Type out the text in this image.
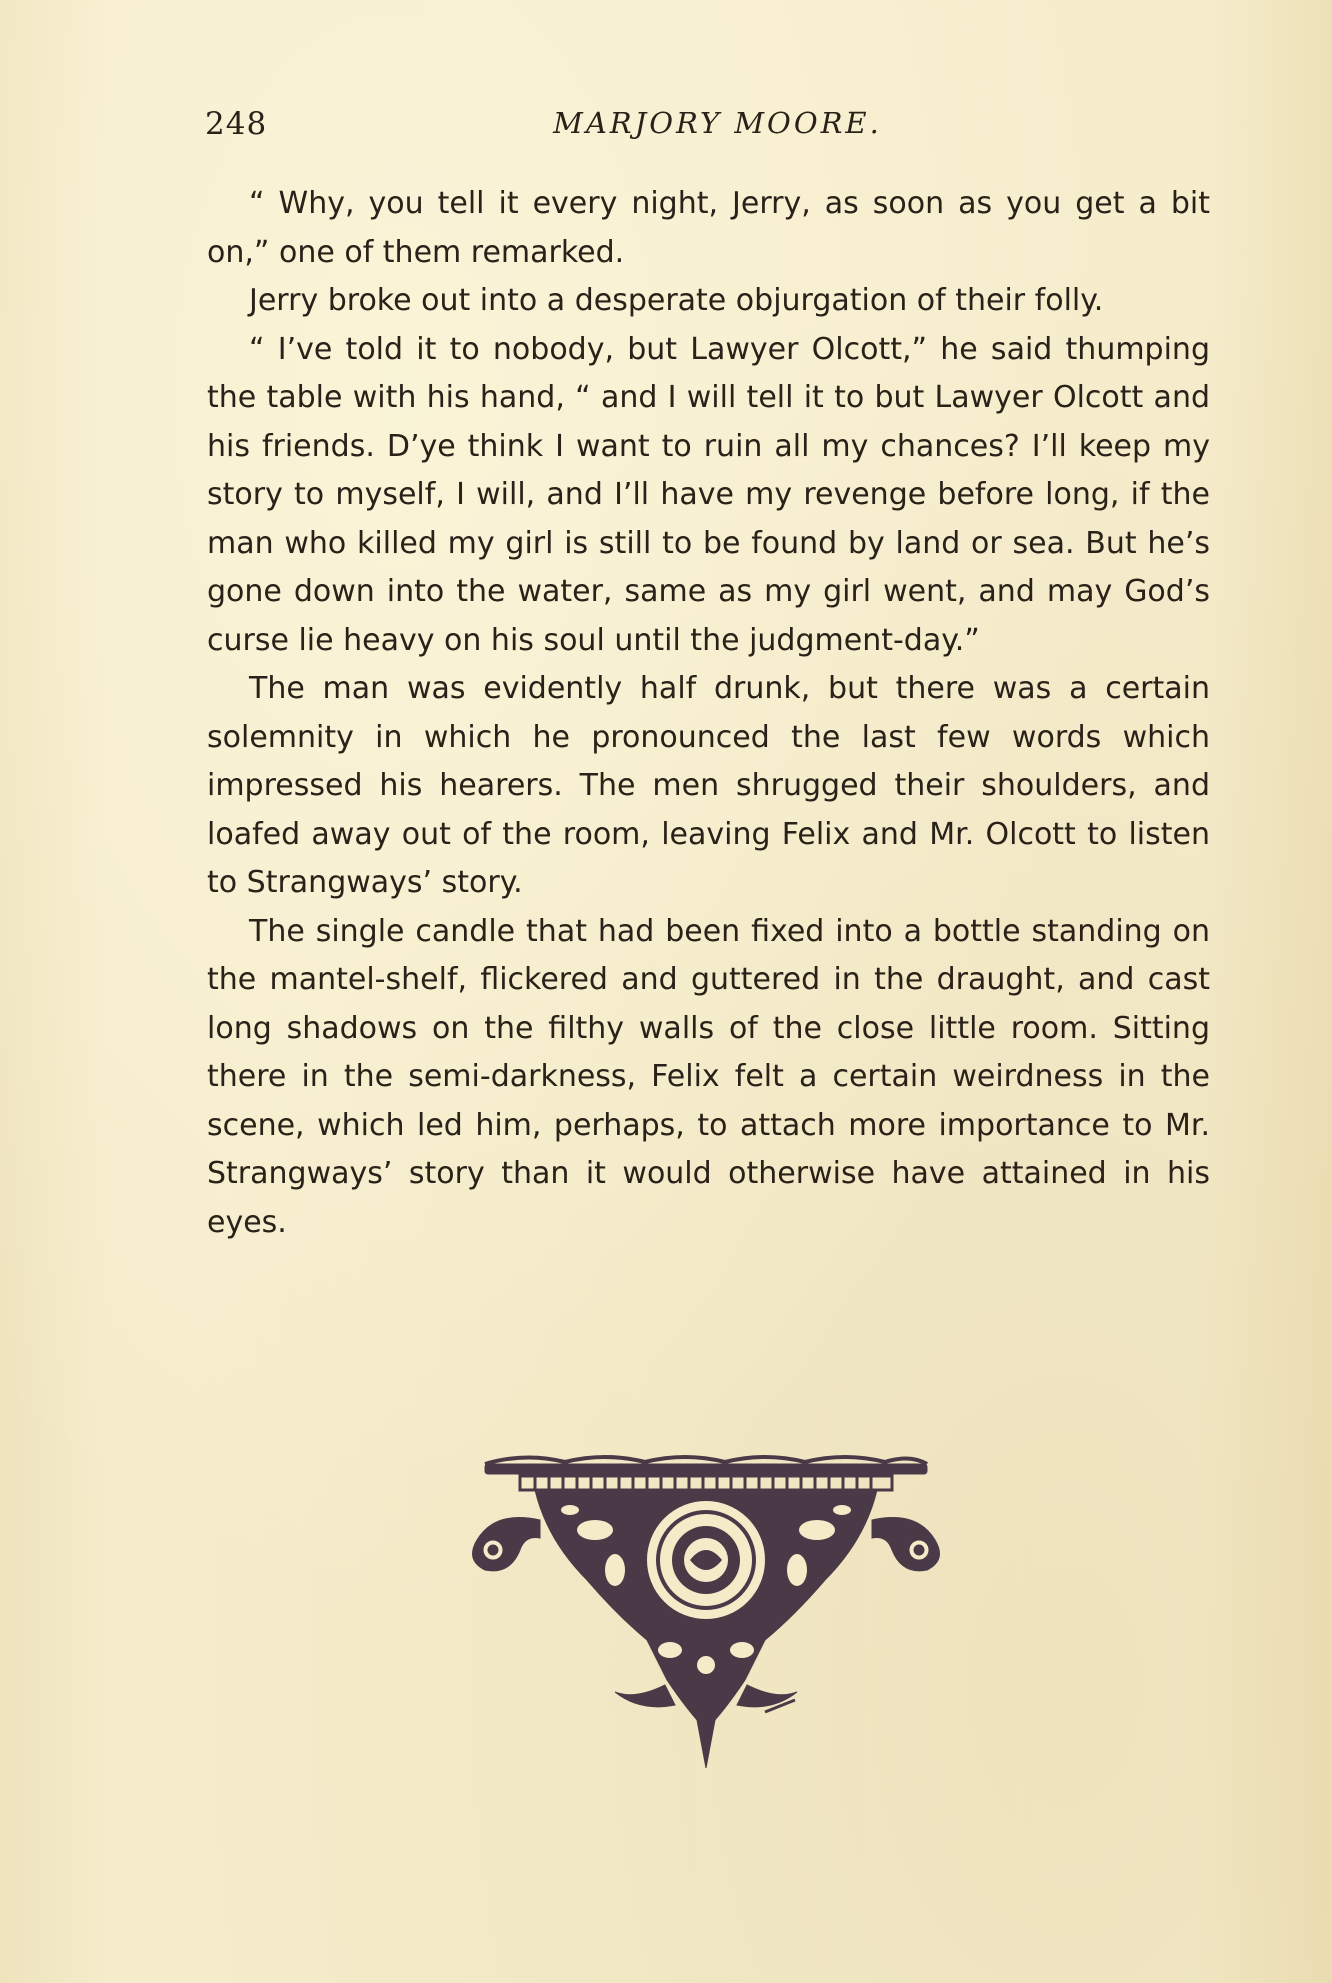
248	MARJORY MOORE.

“ Why, you tell it every night, Jerry, as soon as you get a bit on,” one of them remarked.

Jerry broke out into a desperate objurgation of their folly.

“ I’ve told it to nobody, but Lawyer Olcott,” he said thumping the table with his hand, “ and I will tell it to but Lawyer Olcott and his friends. D’ye think I want to ruin all my chances? I’ll keep my story to myself, I will, and I’ll have my revenge before long, if the man who killed my girl is still to be found by land or sea. But he’s gone down into the water, same as my girl went, and may God’s curse lie heavy on his soul until the judgment-day.”

The man was evidently half drunk, but there was a certain solemnity in which he pronounced the last few words which impressed his hearers. The men shrugged their shoulders, and loafed away out of the room, leaving Felix and Mr. Olcott to listen to Strangways’ story.

The single candle that had been fixed into a bottle standing on the mantel-shelf, flickered and guttered in the draught, and cast long shadows on the filthy walls of the close little room. Sitting there in the semi-darkness, Felix felt a certain weirdness in the scene, which led him, perhaps, to attach more importance to Mr. Strangways’ story than it would otherwise have attained in his eyes.
